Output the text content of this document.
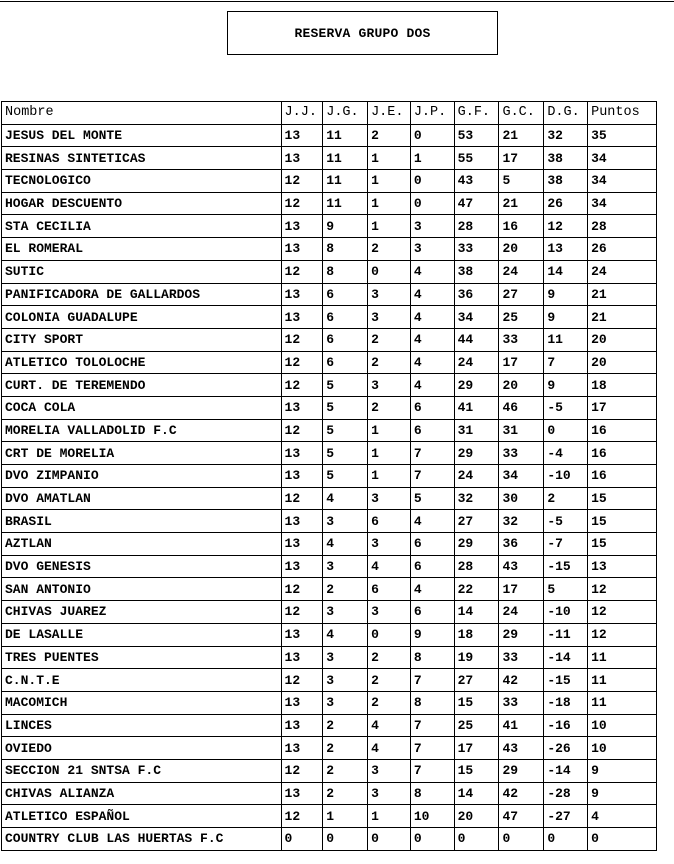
RESERVA GRUPO DOS
Nombre	J.J.	J.G.	J.E.	J.P.	G.F.	G.C.	D.G.	Puntos
JESUS DEL MONTE	13	11	2	0	53	21	32	35
RESINAS SINTETICAS	13	11	1	1	55	17	38	34
TECNOLOGICO	12	11	1	0	43	5	38	34
HOGAR DESCUENTO	12	11	1	0	47	21	26	34
STA CECILIA	13	9	1	3	28	16	12	28
EL ROMERAL	13	8	2	3	33	20	13	26
SUTIC	12	8	0	4	38	24	14	24
PANIFICADORA DE GALLARDOS	13	6	3	4	36	27	9	21
COLONIA GUADALUPE	13	6	3	4	34	25	9	21
CITY SPORT	12	6	2	4	44	33	11	20
ATLETICO TOLOLOCHE	12	6	2	4	24	17	7	20
CURT. DE TEREMENDO	12	5	3	4	29	20	9	18
COCA COLA	13	5	2	6	41	46	-5	17
MORELIA VALLADOLID F.C	12	5	1	6	31	31	0	16
CRT DE MORELIA	13	5	1	7	29	33	-4	16
DVO ZIMPANIO	13	5	1	7	24	34	-10	16
DVO AMATLAN	12	4	3	5	32	30	2	15
BRASIL	13	3	6	4	27	32	-5	15
AZTLAN	13	4	3	6	29	36	-7	15
DVO GENESIS	13	3	4	6	28	43	-15	13
SAN ANTONIO	12	2	6	4	22	17	5	12
CHIVAS JUAREZ	12	3	3	6	14	24	-10	12
DE LASALLE	13	4	0	9	18	29	-11	12
TRES PUENTES	13	3	2	8	19	33	-14	11
C.N.T.E	12	3	2	7	27	42	-15	11
MACOMICH	13	3	2	8	15	33	-18	11
LINCES	13	2	4	7	25	41	-16	10
OVIEDO	13	2	4	7	17	43	-26	10
SECCION 21 SNTSA F.C	12	2	3	7	15	29	-14	9
CHIVAS ALIANZA	13	2	3	8	14	42	-28	9
ATLETICO ESPAÑOL	12	1	1	10	20	47	-27	4
COUNTRY CLUB LAS HUERTAS F.C	0	0	0	0	0	0	0	0
